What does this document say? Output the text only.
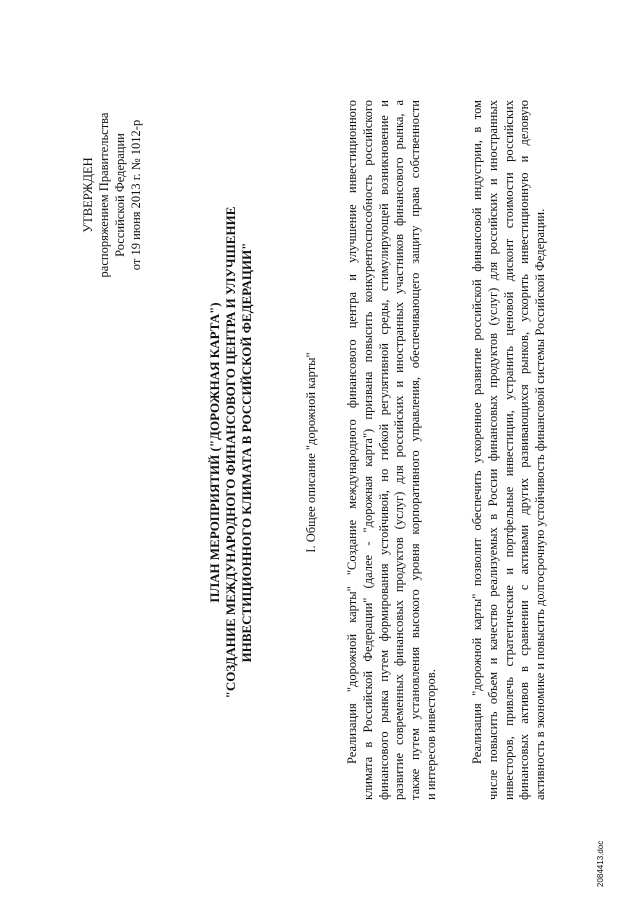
УТВЕРЖДЕН распоряжением Правительства Российской Федерации от 19 июня 2013 г. № 1012-р
ПЛАН МЕРОПРИЯТИЙ ("ДОРОЖНАЯ КАРТА") "СОЗДАНИЕ МЕЖДУНАРОДНОГО ФИНАНСОВОГО ЦЕНТРА И УЛУЧШЕНИЕ ИНВЕСТИЦИОННОГО КЛИМАТА В РОССИЙСКОЙ ФЕДЕРАЦИИ"	I. Общее описание "дорожной карты" Реализация "дорожной карты" "Создание международного финансового центра и улучшение инвестиционного климата в Российской Федерации" (далее - "дорожная карта") призвана повысить конкурентоспособность российского финансового рынка путем формирования устойчивой, но гибкой регулятивной среды, стимулирующей возникновение и развитие современных финансовых продуктов (услуг) для российских и иностранных участников финансового рынка, а также путем установления высокого уровня корпоративного управления, обеспечивающего защиту права собственности и интересов инвесторов.	Реализация "дорожной карты" позволит обеспечить ускоренное развитие российской финансовой индустрии, в том числе повысить объем и качество реализуемых в России финансовых продуктов (услуг) для российских и иностранных инвесторов, привлечь стратегические и портфельные инвестиции, устранить ценовой дисконт стоимости российских финансовых активов в сравнении с активами других развивающихся рынков, ускорить инвестиционную и деловую активность в экономике и повысить долгосрочную устойчивость финансовой системы Российской Федерации.
2084413.doc
